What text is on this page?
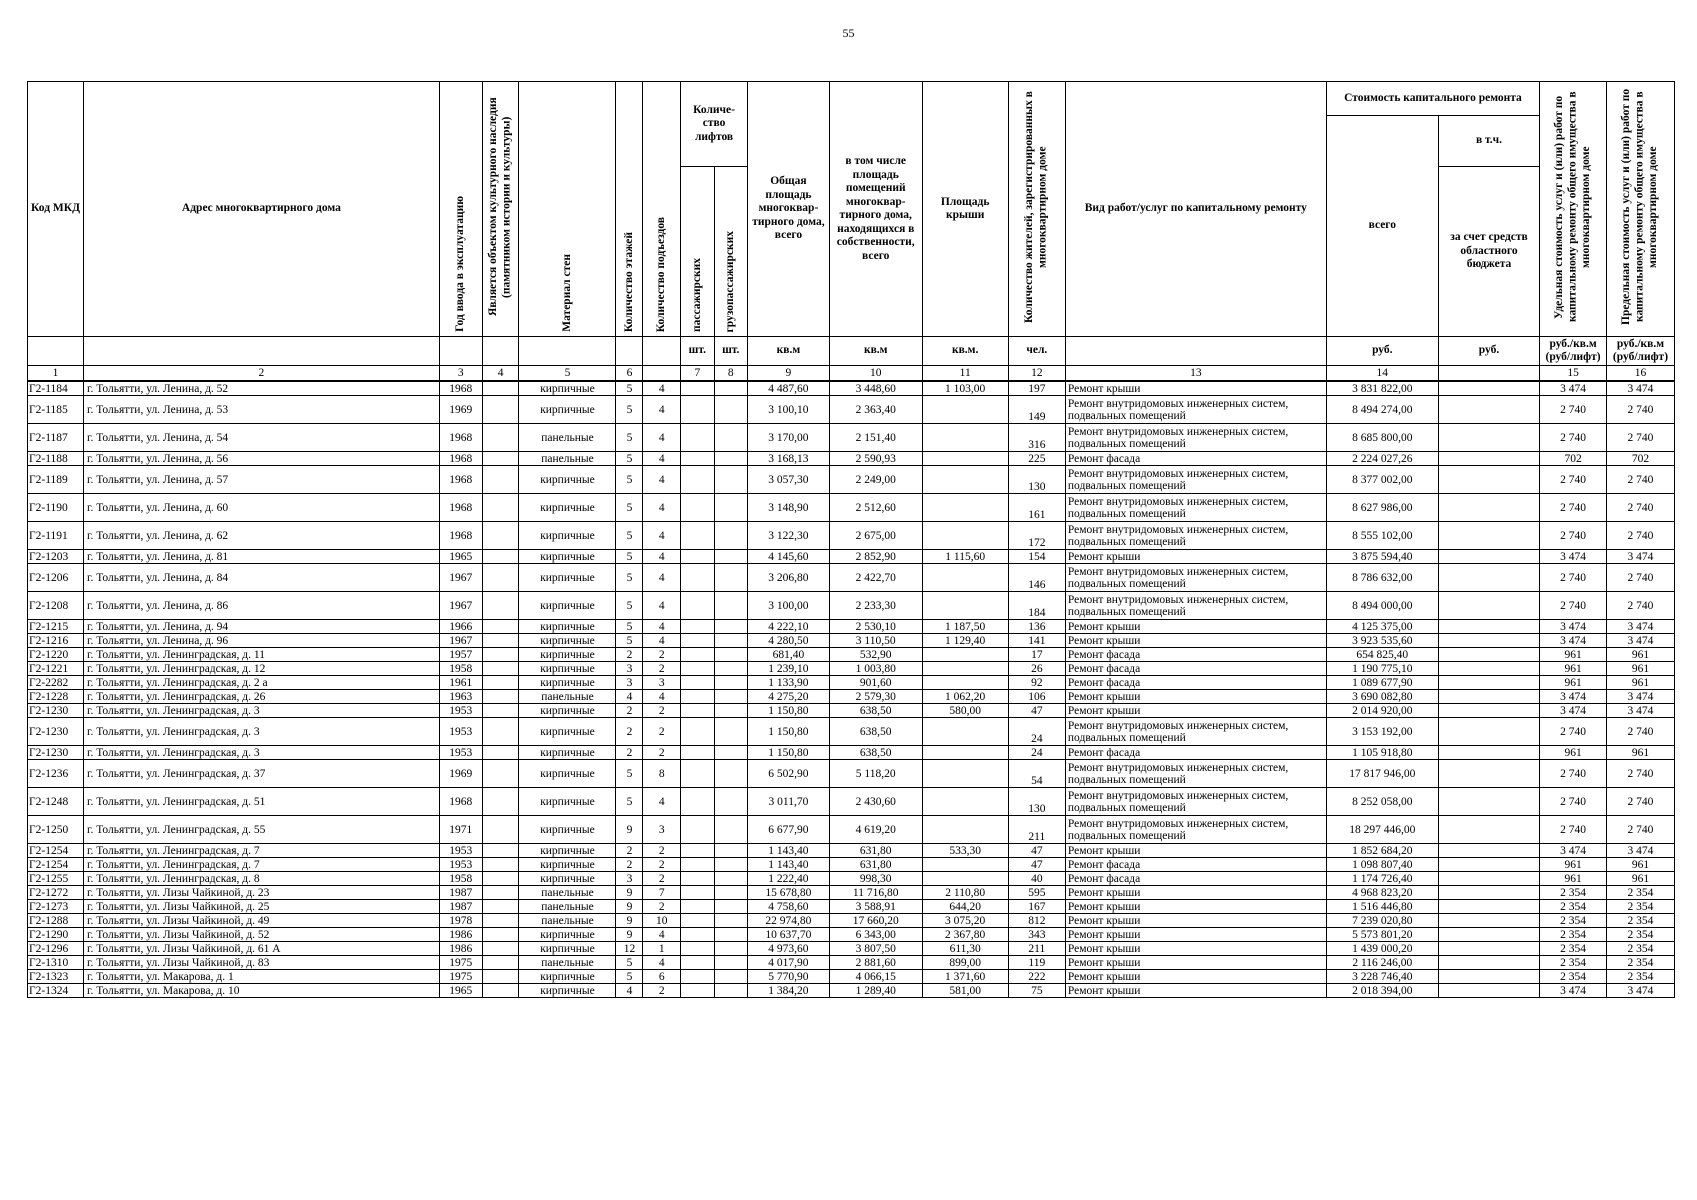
55
Код МКД	Адрес многоквартирного дома	Год ввода в эксплуатацию	Является объектом культурного наследия (памятником истории и культуры)	Материал стен	Количество этажей	Количество подъездов	Количе-ство лифтов		Общая площадь многоквар-тирного дома, всего	в том числе площадь помещений многоквар-тирного дома, находящихся в собственности, всего	Площадь крыши	Количество жителей, зарегистрированных в многоквартирном доме	Вид работ/услуг по капитальному ремонту	Стоимость капитального ремонта		Удельная стоимость услуг и (или) работ по капитальному ремонту общего имущества в многоквартирном доме	Предельная стоимость услуг и (или) работ по капитальному ремонту общего имущества в многоквартирном доме

														всего	в т.ч.		

							пассажирских	грузопассажирских							за счет средств областного бюджета		
							шт.	шт.	кв.м	кв.м	кв.м.	чел.		руб.	руб.	руб./кв.м (руб/лифт)	руб./кв.м (руб/лифт)
1	2	3	4	5	6		7	8	9	10	11	12	13	14		15	16
Г2-1184	г. Тольятти, ул. Ленина, д. 52	1968		кирпичные	5	4			4 487,60	3 448,60	1 103,00	197	Ремонт крыши	3 831 822,00		3 474	3 474
Г2-1185	г. Тольятти, ул. Ленина, д. 53	1969		кирпичные	5	4			3 100,10	2 363,40		149	Ремонт внутридомовых инженерных систем,
подвальных помещений	8 494 274,00		2 740	2 740
Г2-1187	г. Тольятти, ул. Ленина, д. 54	1968		панельные	5	4			3 170,00	2 151,40		316	Ремонт внутридомовых инженерных систем,
подвальных помещений	8 685 800,00		2 740	2 740
Г2-1188	г. Тольятти, ул. Ленина, д. 56	1968		панельные	5	4			3 168,13	2 590,93		225	Ремонт фасада	2 224 027,26		702	702
Г2-1189	г. Тольятти, ул. Ленина, д. 57	1968		кирпичные	5	4			3 057,30	2 249,00		130	Ремонт внутридомовых инженерных систем,
подвальных помещений	8 377 002,00		2 740	2 740
Г2-1190	г. Тольятти, ул. Ленина, д. 60	1968		кирпичные	5	4			3 148,90	2 512,60		161	Ремонт внутридомовых инженерных систем,
подвальных помещений	8 627 986,00		2 740	2 740
Г2-1191	г. Тольятти, ул. Ленина, д. 62	1968		кирпичные	5	4			3 122,30	2 675,00		172	Ремонт внутридомовых инженерных систем,
подвальных помещений	8 555 102,00		2 740	2 740
Г2-1203	г. Тольятти, ул. Ленина, д. 81	1965		кирпичные	5	4			4 145,60	2 852,90	1 115,60	154	Ремонт крыши	3 875 594,40		3 474	3 474
Г2-1206	г. Тольятти, ул. Ленина, д. 84	1967		кирпичные	5	4			3 206,80	2 422,70		146	Ремонт внутридомовых инженерных систем,
подвальных помещений	8 786 632,00		2 740	2 740
Г2-1208	г. Тольятти, ул. Ленина, д. 86	1967		кирпичные	5	4			3 100,00	2 233,30		184	Ремонт внутридомовых инженерных систем,
подвальных помещений	8 494 000,00		2 740	2 740
Г2-1215	г. Тольятти, ул. Ленина, д. 94	1966		кирпичные	5	4			4 222,10	2 530,10	1 187,50	136	Ремонт крыши	4 125 375,00		3 474	3 474
Г2-1216	г. Тольятти, ул. Ленина, д. 96	1967		кирпичные	5	4			4 280,50	3 110,50	1 129,40	141	Ремонт крыши	3 923 535,60		3 474	3 474
Г2-1220	г. Тольятти, ул. Ленинградская, д. 11	1957		кирпичные	2	2			681,40	532,90		17	Ремонт фасада	654 825,40		961	961
Г2-1221	г. Тольятти, ул. Ленинградская, д. 12	1958		кирпичные	3	2			1 239,10	1 003,80		26	Ремонт фасада	1 190 775,10		961	961
Г2-2282	г. Тольятти, ул. Ленинградская, д. 2 а	1961		кирпичные	3	3			1 133,90	901,60		92	Ремонт фасада	1 089 677,90		961	961
Г2-1228	г. Тольятти, ул. Ленинградская, д. 26	1963		панельные	4	4			4 275,20	2 579,30	1 062,20	106	Ремонт крыши	3 690 082,80		3 474	3 474
Г2-1230	г. Тольятти, ул. Ленинградская, д. 3	1953		кирпичные	2	2			1 150,80	638,50	580,00	47	Ремонт крыши	2 014 920,00		3 474	3 474
Г2-1230	г. Тольятти, ул. Ленинградская, д. 3	1953		кирпичные	2	2			1 150,80	638,50		24	Ремонт внутридомовых инженерных систем,
подвальных помещений	3 153 192,00		2 740	2 740
Г2-1230	г. Тольятти, ул. Ленинградская, д. 3	1953		кирпичные	2	2			1 150,80	638,50		24	Ремонт фасада	1 105 918,80		961	961
Г2-1236	г. Тольятти, ул. Ленинградская, д. 37	1969		кирпичные	5	8			6 502,90	5 118,20		54	Ремонт внутридомовых инженерных систем,
подвальных помещений	17 817 946,00		2 740	2 740
Г2-1248	г. Тольятти, ул. Ленинградская, д. 51	1968		кирпичные	5	4			3 011,70	2 430,60		130	Ремонт внутридомовых инженерных систем,
подвальных помещений	8 252 058,00		2 740	2 740
Г2-1250	г. Тольятти, ул. Ленинградская, д. 55	1971		кирпичные	9	3			6 677,90	4 619,20		211	Ремонт внутридомовых инженерных систем,
подвальных помещений	18 297 446,00		2 740	2 740
Г2-1254	г. Тольятти, ул. Ленинградская, д. 7	1953		кирпичные	2	2			1 143,40	631,80	533,30	47	Ремонт крыши	1 852 684,20		3 474	3 474
Г2-1254	г. Тольятти, ул. Ленинградская, д. 7	1953		кирпичные	2	2			1 143,40	631,80		47	Ремонт фасада	1 098 807,40		961	961
Г2-1255	г. Тольятти, ул. Ленинградская, д. 8	1958		кирпичные	3	2			1 222,40	998,30		40	Ремонт фасада	1 174 726,40		961	961
Г2-1272	г. Тольятти, ул. Лизы Чайкиной, д. 23	1987		панельные	9	7			15 678,80	11 716,80	2 110,80	595	Ремонт крыши	4 968 823,20		2 354	2 354
Г2-1273	г. Тольятти, ул. Лизы Чайкиной, д. 25	1987		панельные	9	2			4 758,60	3 588,91	644,20	167	Ремонт крыши	1 516 446,80		2 354	2 354
Г2-1288	г. Тольятти, ул. Лизы Чайкиной, д. 49	1978		панельные	9	10			22 974,80	17 660,20	3 075,20	812	Ремонт крыши	7 239 020,80		2 354	2 354
Г2-1290	г. Тольятти, ул. Лизы Чайкиной, д. 52	1986		кирпичные	9	4			10 637,70	6 343,00	2 367,80	343	Ремонт крыши	5 573 801,20		2 354	2 354
Г2-1296	г. Тольятти, ул. Лизы Чайкиной, д. 61 А	1986		кирпичные	12	1			4 973,60	3 807,50	611,30	211	Ремонт крыши	1 439 000,20		2 354	2 354
Г2-1310	г. Тольятти, ул. Лизы Чайкиной, д. 83	1975		панельные	5	4			4 017,90	2 881,60	899,00	119	Ремонт крыши	2 116 246,00		2 354	2 354
Г2-1323	г. Тольятти, ул. Макарова, д. 1	1975		кирпичные	5	6			5 770,90	4 066,15	1 371,60	222	Ремонт крыши	3 228 746,40		2 354	2 354
Г2-1324	г. Тольятти, ул. Макарова, д. 10	1965		кирпичные	4	2			1 384,20	1 289,40	581,00	75	Ремонт крыши	2 018 394,00		3 474	3 474
